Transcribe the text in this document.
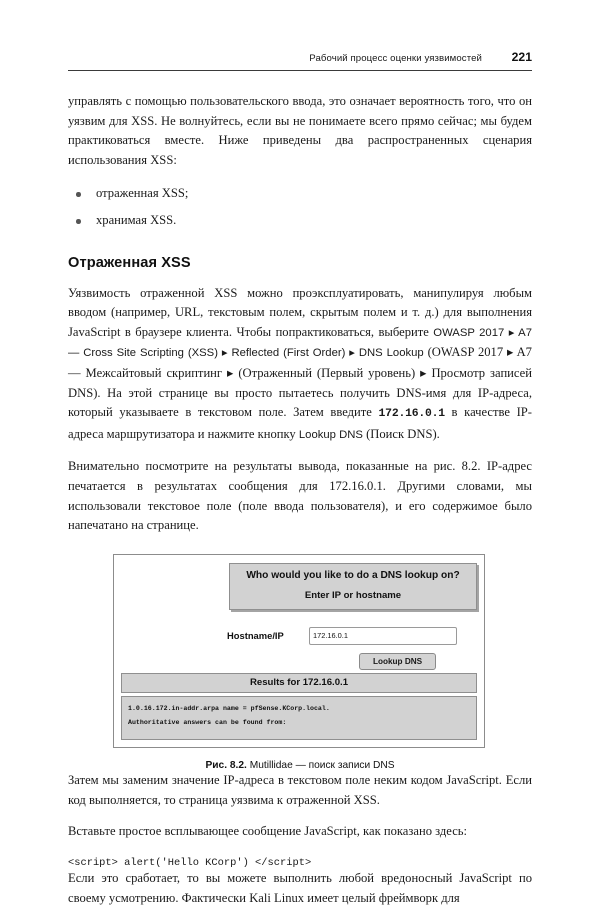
Рабочий процесс оценки уязвимостей 221

управлять с помощью пользовательского ввода, это означает вероятность того, что он уязвим для XSS. Не волнуйтесь, если вы не понимаете всего прямо сейчас; мы будем практиковаться вместе. Ниже приведены два распространенных сценария использования XSS:

отраженная XSS;
хранимая XSS.
Отраженная XSS

Уязвимость отраженной XSS можно проэксплуатировать, манипулируя любым вводом (например, URL, текстовым полем, скрытым полем и т. д.) для выполнения JavaScript в браузере клиента. Чтобы попрактиковаться, выберите OWASP 2017 ▸ A7 — Cross Site Scripting (XSS) ▸ Reflected (First Order) ▸ DNS Lookup (OWASP 2017 ▸ A7 — Межсайтовый скриптинг ▸ (Отраженный (Первый уровень) ▸ Просмотр записей DNS). На этой странице вы просто пытаетесь получить DNS-имя для IP-адреса, который указываете в текстовом поле. Затем введите 172.16.0.1 в качестве IP-адреса маршрутизатора и нажмите кнопку Lookup DNS (Поиск DNS).

Внимательно посмотрите на результаты вывода, показанные на рис. 8.2. IP-адрес печатается в результатах сообщения для 172.16.0.1. Другими словами, мы использовали текстовое поле (поле ввода пользователя), и его содержимое было напечатано на странице.

Who would you like to do a DNS lookup on?
Enter IP or hostname
Hostname/IP	172.16.0.1
Lookup DNS
Results for 172.16.0.1
1.0.16.172.in-addr.arpa name = pfSense.KCorp.local.
Authoritative answers can be found from:
Рис. 8.2. Mutillidae — поиск записи DNS

Затем мы заменим значение IP-адреса в текстовом поле неким кодом JavaScript. Если код выполняется, то страница уязвима к отраженной XSS.

Вставьте простое всплывающее сообщение JavaScript, как показано здесь:

<script> alert('Hello KCorp') </script>

Если это сработает, то вы можете выполнить любой вредоносный JavaScript по своему усмотрению. Фактически Kali Linux имеет целый фреймворк для
